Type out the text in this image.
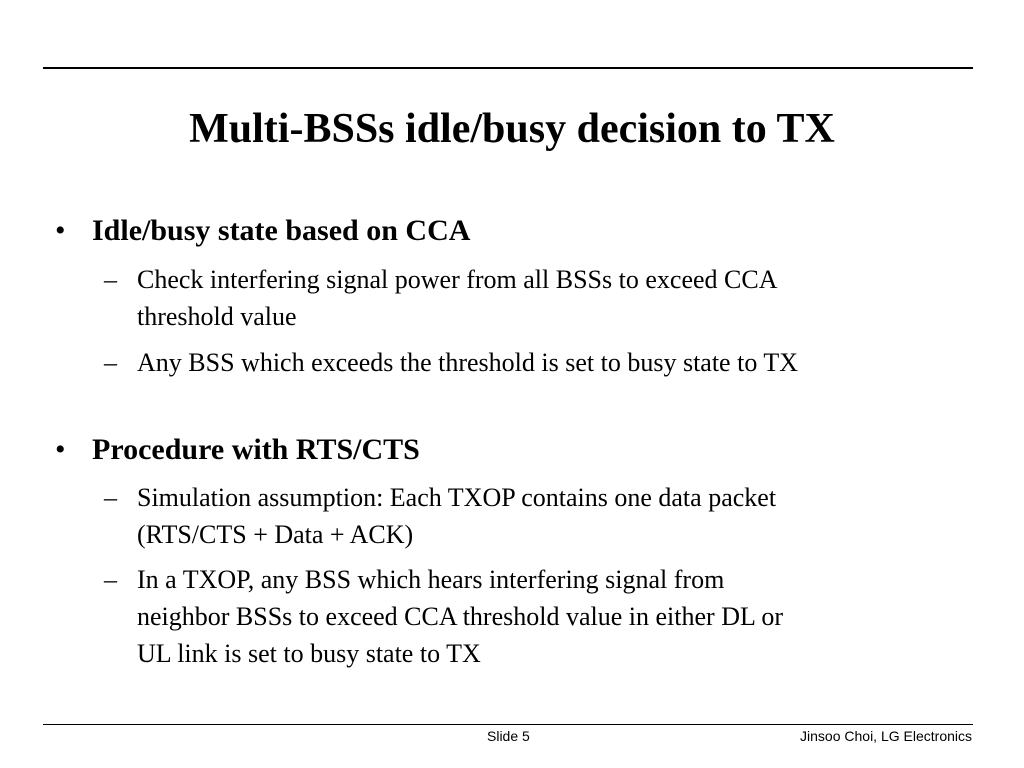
Multi-BSSs idle/busy decision to TX
• Idle/busy state based on CCA
– Check interfering signal power from all BSSs to exceed CCA
threshold value
– Any BSS which exceeds the threshold is set to busy state to TX
• Procedure with RTS/CTS
– Simulation assumption: Each TXOP contains one data packet
(RTS/CTS + Data + ACK)
– In a TXOP, any BSS which hears interfering signal from
neighbor BSSs to exceed CCA threshold value in either DL or
UL link is set to busy state to TX
Slide 5	Jinsoo Choi, LG Electronics
